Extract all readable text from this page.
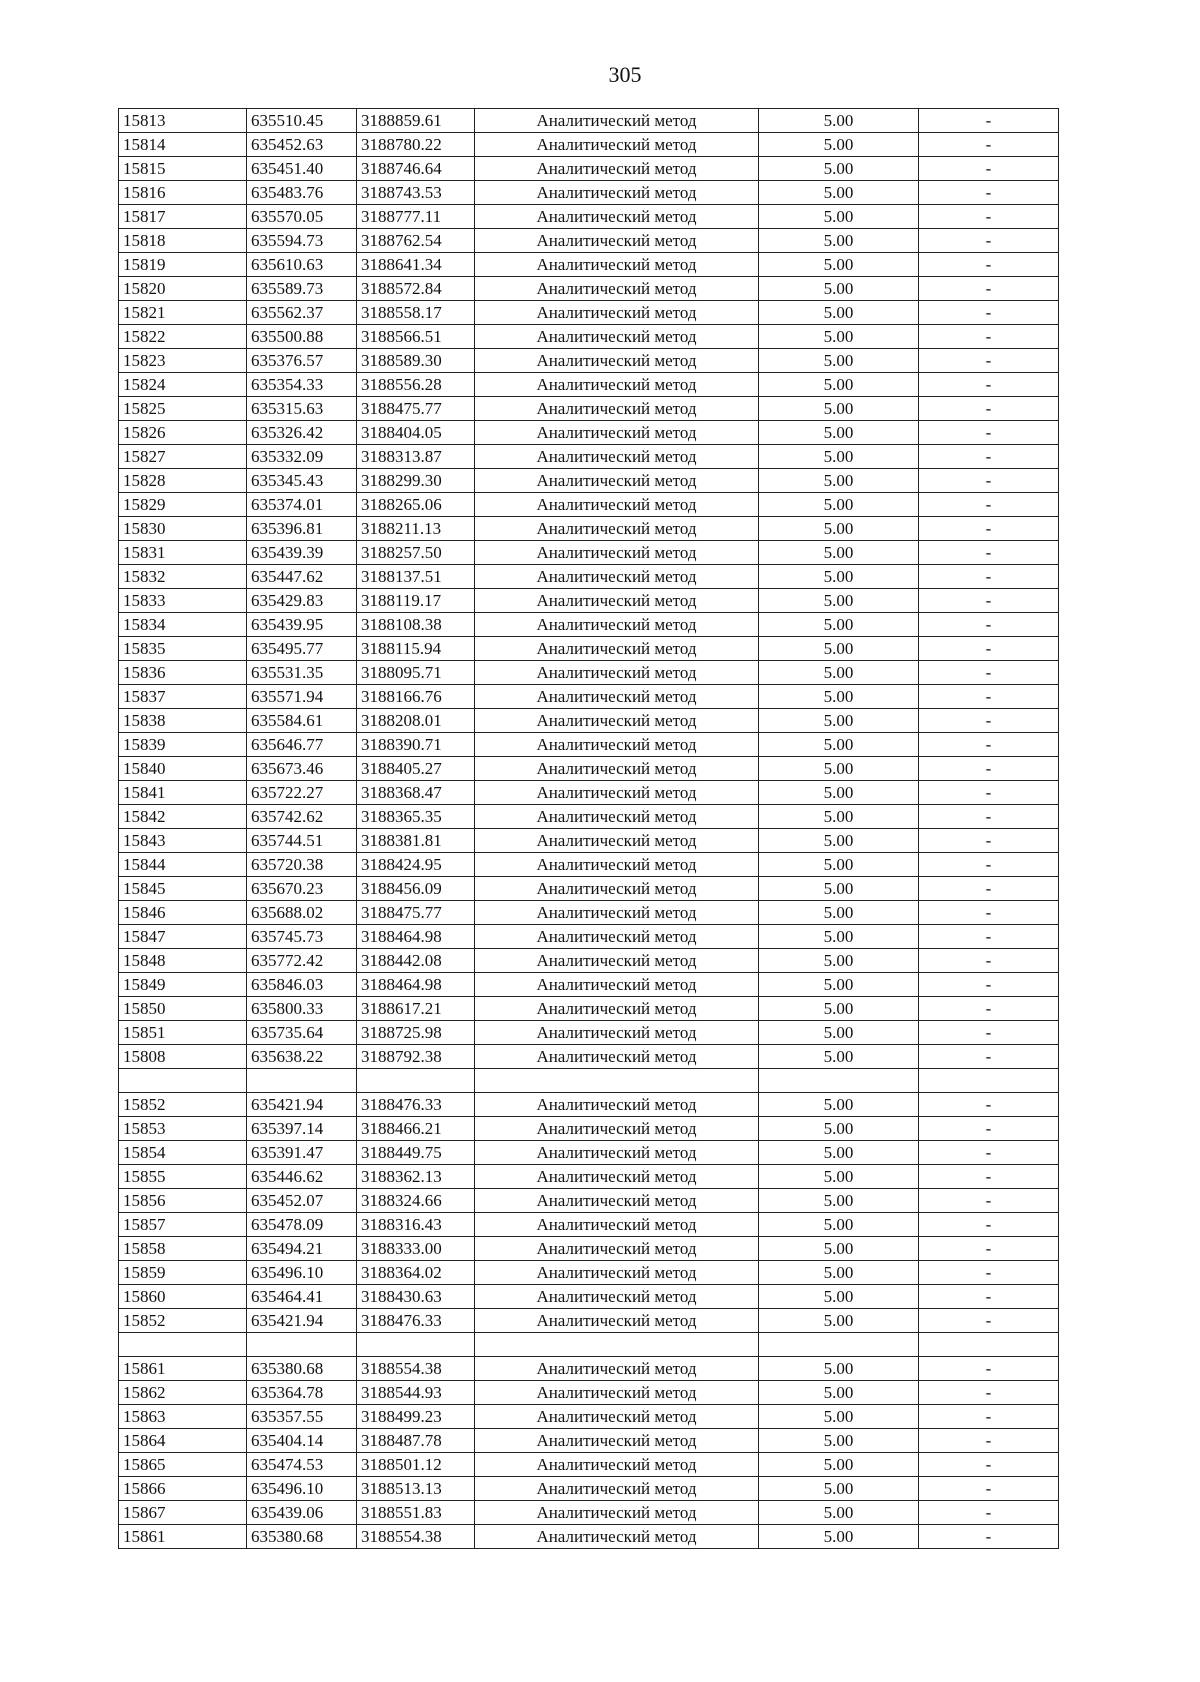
305
15813	635510.45	3188859.61	Аналитический метод	5.00	-
15814	635452.63	3188780.22	Аналитический метод	5.00	-
15815	635451.40	3188746.64	Аналитический метод	5.00	-
15816	635483.76	3188743.53	Аналитический метод	5.00	-
15817	635570.05	3188777.11	Аналитический метод	5.00	-
15818	635594.73	3188762.54	Аналитический метод	5.00	-
15819	635610.63	3188641.34	Аналитический метод	5.00	-
15820	635589.73	3188572.84	Аналитический метод	5.00	-
15821	635562.37	3188558.17	Аналитический метод	5.00	-
15822	635500.88	3188566.51	Аналитический метод	5.00	-
15823	635376.57	3188589.30	Аналитический метод	5.00	-
15824	635354.33	3188556.28	Аналитический метод	5.00	-
15825	635315.63	3188475.77	Аналитический метод	5.00	-
15826	635326.42	3188404.05	Аналитический метод	5.00	-
15827	635332.09	3188313.87	Аналитический метод	5.00	-
15828	635345.43	3188299.30	Аналитический метод	5.00	-
15829	635374.01	3188265.06	Аналитический метод	5.00	-
15830	635396.81	3188211.13	Аналитический метод	5.00	-
15831	635439.39	3188257.50	Аналитический метод	5.00	-
15832	635447.62	3188137.51	Аналитический метод	5.00	-
15833	635429.83	3188119.17	Аналитический метод	5.00	-
15834	635439.95	3188108.38	Аналитический метод	5.00	-
15835	635495.77	3188115.94	Аналитический метод	5.00	-
15836	635531.35	3188095.71	Аналитический метод	5.00	-
15837	635571.94	3188166.76	Аналитический метод	5.00	-
15838	635584.61	3188208.01	Аналитический метод	5.00	-
15839	635646.77	3188390.71	Аналитический метод	5.00	-
15840	635673.46	3188405.27	Аналитический метод	5.00	-
15841	635722.27	3188368.47	Аналитический метод	5.00	-
15842	635742.62	3188365.35	Аналитический метод	5.00	-
15843	635744.51	3188381.81	Аналитический метод	5.00	-
15844	635720.38	3188424.95	Аналитический метод	5.00	-
15845	635670.23	3188456.09	Аналитический метод	5.00	-
15846	635688.02	3188475.77	Аналитический метод	5.00	-
15847	635745.73	3188464.98	Аналитический метод	5.00	-
15848	635772.42	3188442.08	Аналитический метод	5.00	-
15849	635846.03	3188464.98	Аналитический метод	5.00	-
15850	635800.33	3188617.21	Аналитический метод	5.00	-
15851	635735.64	3188725.98	Аналитический метод	5.00	-
15808	635638.22	3188792.38	Аналитический метод	5.00	-

15852	635421.94	3188476.33	Аналитический метод	5.00	-
15853	635397.14	3188466.21	Аналитический метод	5.00	-
15854	635391.47	3188449.75	Аналитический метод	5.00	-
15855	635446.62	3188362.13	Аналитический метод	5.00	-
15856	635452.07	3188324.66	Аналитический метод	5.00	-
15857	635478.09	3188316.43	Аналитический метод	5.00	-
15858	635494.21	3188333.00	Аналитический метод	5.00	-
15859	635496.10	3188364.02	Аналитический метод	5.00	-
15860	635464.41	3188430.63	Аналитический метод	5.00	-
15852	635421.94	3188476.33	Аналитический метод	5.00	-

15861	635380.68	3188554.38	Аналитический метод	5.00	-
15862	635364.78	3188544.93	Аналитический метод	5.00	-
15863	635357.55	3188499.23	Аналитический метод	5.00	-
15864	635404.14	3188487.78	Аналитический метод	5.00	-
15865	635474.53	3188501.12	Аналитический метод	5.00	-
15866	635496.10	3188513.13	Аналитический метод	5.00	-
15867	635439.06	3188551.83	Аналитический метод	5.00	-
15861	635380.68	3188554.38	Аналитический метод	5.00	-
